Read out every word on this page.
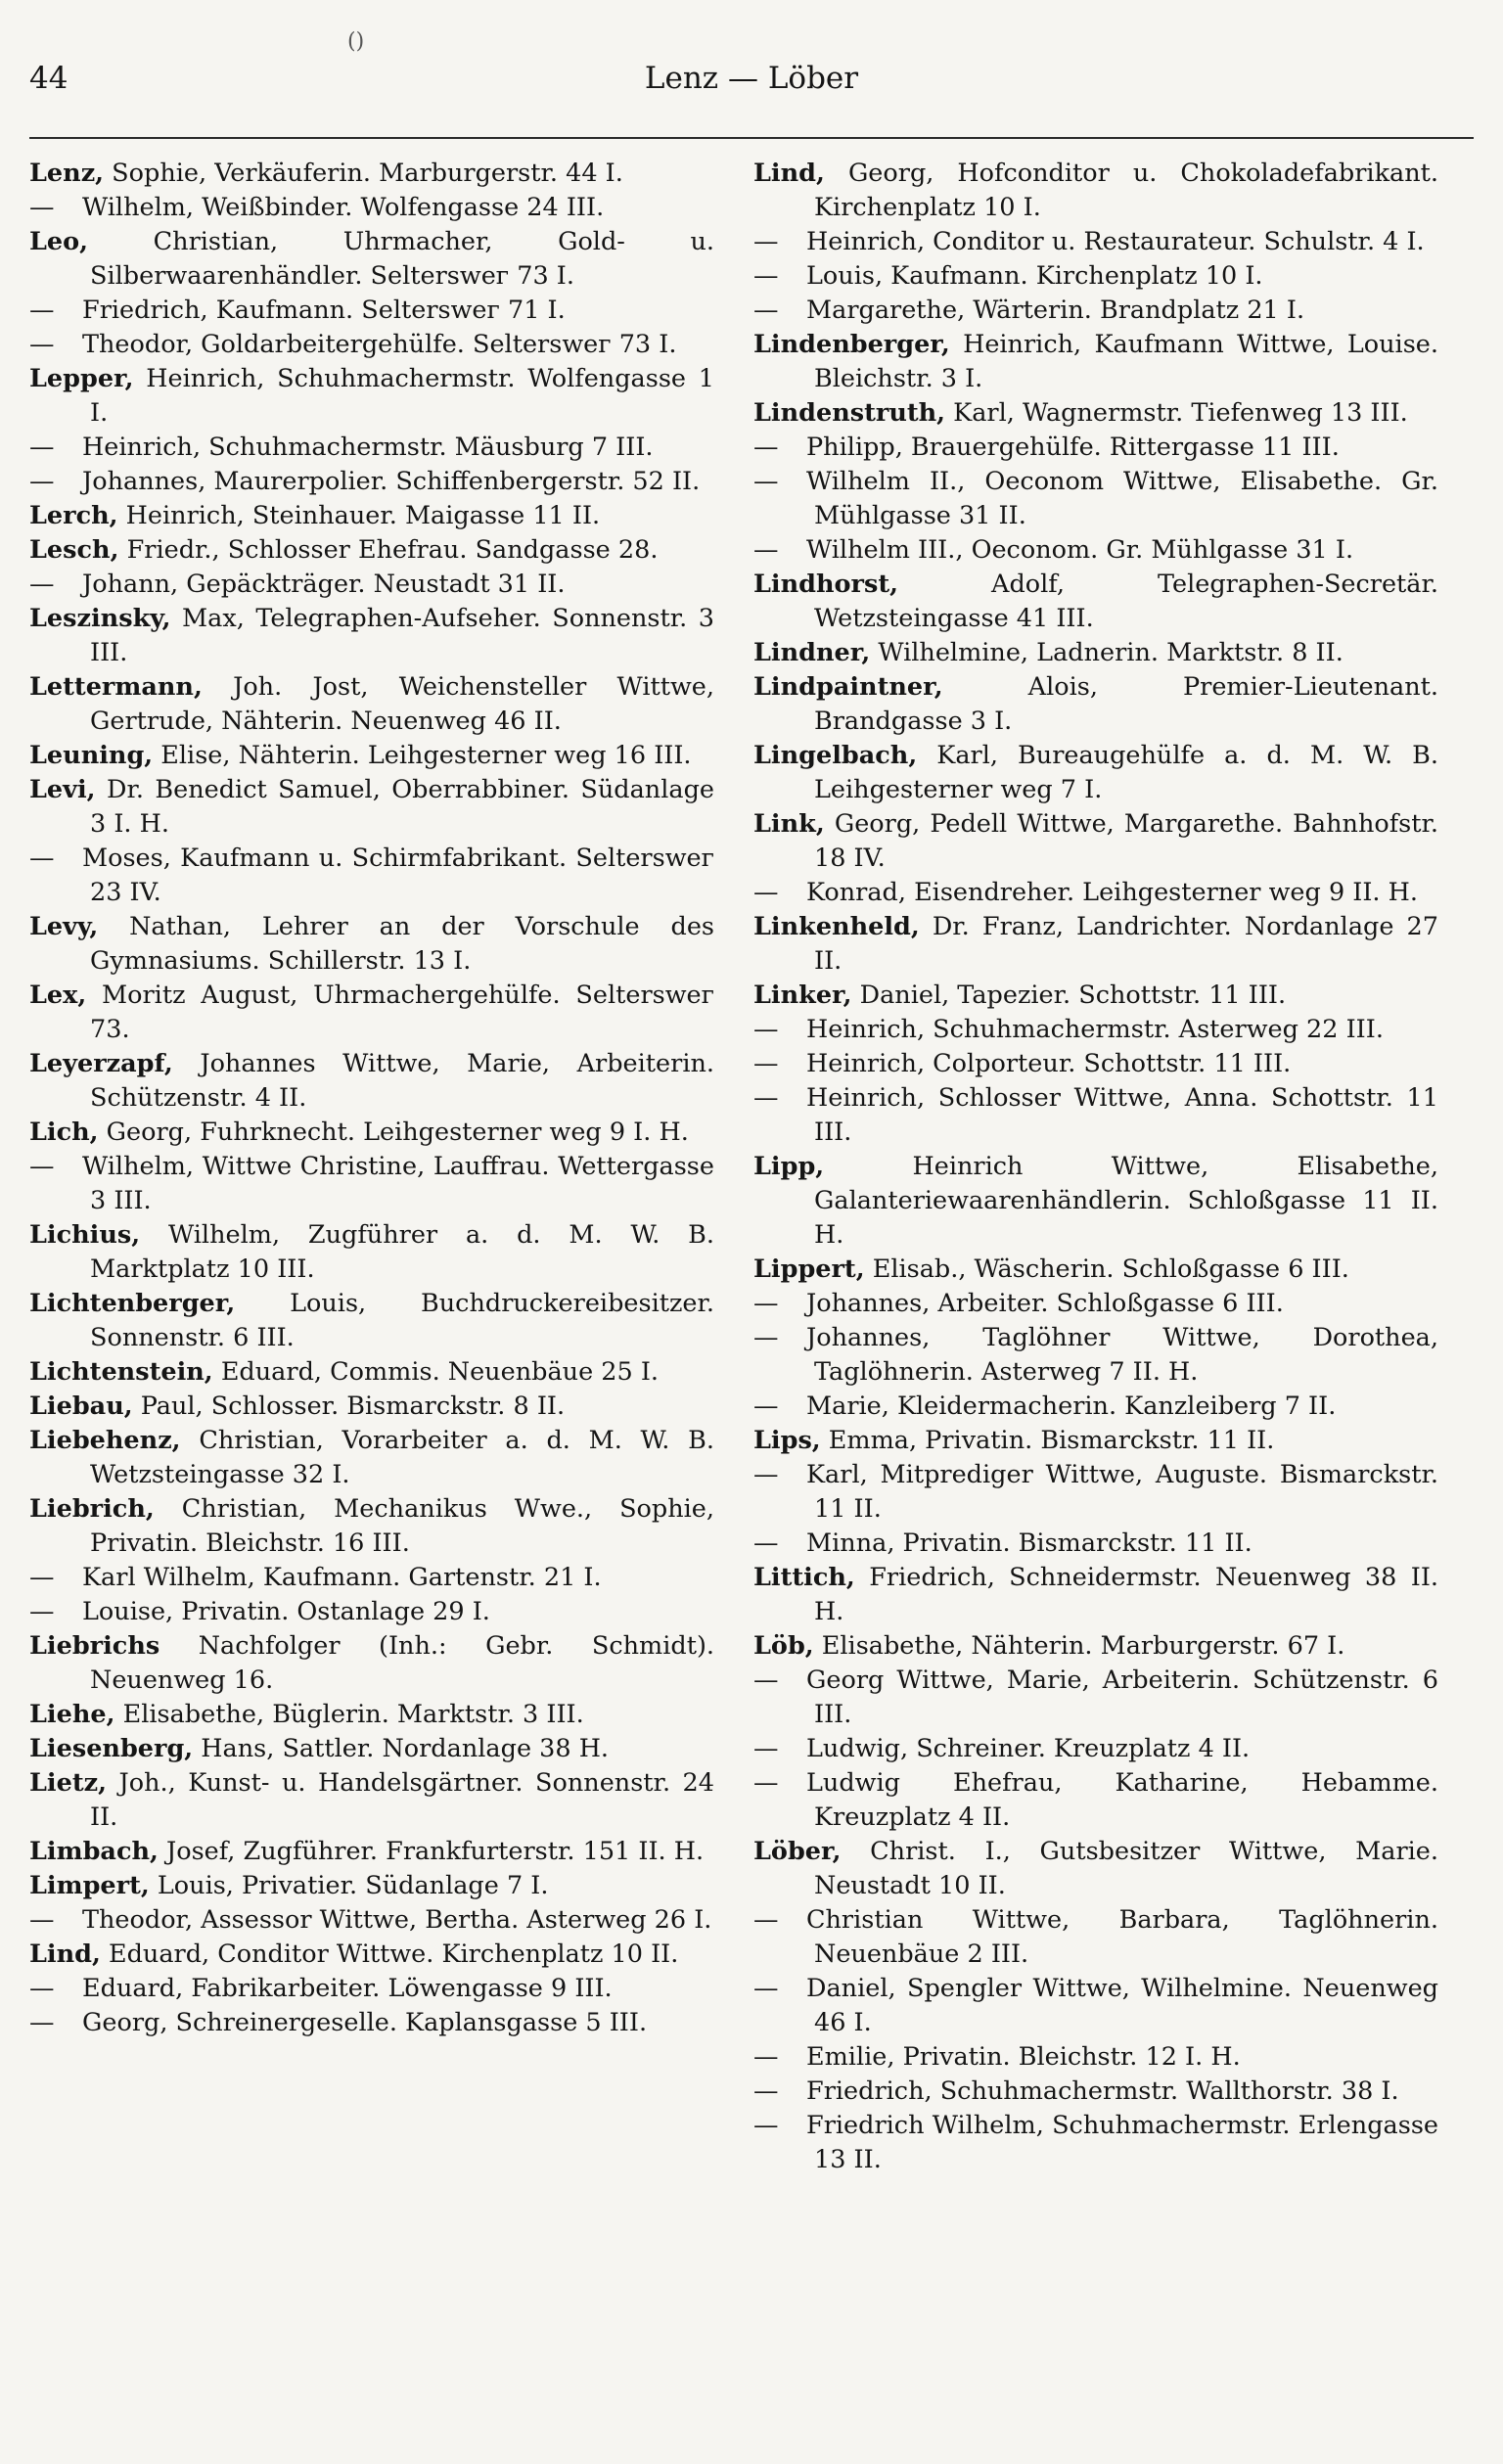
()
Lenz — Löber
44

Lenz, Sophie, Verkäuferin. Marburgerstr. 44 I.

— Wilhelm, Weißbinder. Wolfengasse 24 III.

Leo,	Christian, Uhrmacher, Gold- u. Silberwaarenhändler. Selterswег 73 I.

— Friedrich, Kaufmann. Selterswег 71 I.

— Theodor, Goldarbeitergehülfe. Selterswег 73 I.

Lepper, Heinrich, Schuhmachermstr. Wolfengasse 1 I.

— Heinrich, Schuhmachermstr. Mäusburg 7 III.

— Johannes, Maurerpolier. Schiffenbergerstr. 52 II.

Lerch, Heinrich, Steinhauer. Maigasse 11 II.

Lesch, Friedr., Schlosser Ehefrau. Sandgasse 28.

— Johann, Gepäckträger. Neustadt 31 II.

Leszinsky, Max, Telegraphen-Aufseher. Sonnenstr. 3 III.

Lettermann, Joh. Jost, Weichensteller Wittwe, Gertrude, Nähterin. Neuenweg 46 II.

Leuning, Elise, Nähterin. Leihgesterner weg 16 III.

Levi, Dr. Benedict Samuel, Oberrabbiner. Südanlage 3 I. H.

— Moses, Kaufmann u. Schirmfabrikant. Selterswег 23 IV.

Levy, Nathan, Lehrer an der Vorschule des Gymnasiums. Schillerstr. 13 I.

Lex, Moritz August, Uhrmachergehülfe. Selterswег 73.

Leyerzapf, Johannes Wittwe, Marie, Arbeiterin. Schützenstr. 4 II.

Lich, Georg, Fuhrknecht. Leihgesterner weg 9 I. H.

— Wilhelm, Wittwe Christine, Lauffrau. Wettergasse 3 III.

Lichius, Wilhelm, Zugführer a. d. M. W. B. Marktplatz 10 III.

Lichtenberger, Louis, Buchdruckereibesitzer. Sonnenstr. 6 III.

Lichtenstein, Eduard, Commis. Neuenbäue 25 I.

Liebau, Paul, Schlosser. Bismarckstr. 8 II.

Liebehenz, Christian, Vorarbeiter a. d. M. W. B. Wetzsteingasse 32 I.

Liebrich, Christian, Mechanikus Wwe., Sophie, Privatin. Bleichstr. 16 III.

— Karl Wilhelm, Kaufmann. Gartenstr. 21 I.

— Louise, Privatin. Ostanlage 29 I.

Liebrichs Nachfolger (Inh.: Gebr. Schmidt). Neuenweg 16.

Liehe, Elisabethe, Büglerin. Marktstr. 3 III.

Liesenberg, Hans, Sattler. Nordanlage 38 H.

Lietz, Joh., Kunst- u. Handelsgärtner. Sonnenstr. 24 II.

Limbach, Josef, Zugführer. Frankfurterstr. 151 II. H.

Limpert, Louis, Privatier. Südanlage 7 I.

— Theodor, Assessor Wittwe, Bertha. Asterweg 26 I.

Lind, Eduard, Conditor Wittwe. Kirchenplatz 10 II.

— Eduard, Fabrikarbeiter. Löwengasse 9 III.

— Georg, Schreinergeselle. Kaplansgasse 5 III.

Lind, Georg, Hofconditor u. Chokoladefabrikant. Kirchenplatz 10 I.

— Heinrich, Conditor u. Restaurateur. Schulstr. 4 I.

— Louis, Kaufmann. Kirchenplatz 10 I.

— Margarethe, Wärterin. Brandplatz 21 I.

Lindenberger, Heinrich, Kaufmann Wittwe, Louise. Bleichstr. 3 I.

Lindenstruth, Karl, Wagnermstr. Tiefenweg 13 III.

— Philipp, Brauergehülfe. Rittergasse 11 III.

— Wilhelm II., Oeconom Wittwe, Elisabethe. Gr. Mühlgasse 31 II.

— Wilhelm III., Oeconom. Gr. Mühlgasse 31 I.

Lindhorst,	Adolf, Telegraphen-Secretär. Wetzsteingasse 41 III.

Lindner, Wilhelmine, Ladnerin. Marktstr. 8 II.

Lindpaintner,	Alois, Premier-Lieutenant. Brandgasse 3 I.

Lingelbach, Karl, Bureaugehülfe a. d. M. W. B. Leihgesterner weg 7 I.

Link, Georg, Pedell Wittwe, Margarethe. Bahnhofstr. 18 IV.

— Konrad, Eisendreher. Leihgesterner weg 9 II. H.

Linkenheld, Dr. Franz, Landrichter. Nordanlage 27 II.

Linker, Daniel, Tapezier. Schottstr. 11 III.

— Heinrich, Schuhmachermstr. Asterweg 22 III.

— Heinrich, Colporteur. Schottstr. 11 III.

— Heinrich, Schlosser Wittwe, Anna. Schottstr. 11 III.

Lipp,	Heinrich Wittwe, Elisabethe, Galanteriewaarenhändlerin. Schloßgasse 11 II. H.

Lippert, Elisab., Wäscherin. Schloßgasse 6 III.

— Johannes, Arbeiter. Schloßgasse 6 III.

— Johannes, Taglöhner Wittwe, Dorothea, Taglöhnerin. Asterweg 7 II. H.

— Marie, Kleidermacherin. Kanzleiberg 7 II.

Lips, Emma, Privatin. Bismarckstr. 11 II.

— Karl, Mitprediger Wittwe, Auguste. Bismarckstr. 11 II.

— Minna, Privatin. Bismarckstr. 11 II.

Littich, Friedrich, Schneidermstr. Neuenweg 38 II. H.

Löb, Elisabethe, Nähterin. Marburgerstr. 67 I.

— Georg Wittwe, Marie, Arbeiterin. Schützenstr. 6 III.

— Ludwig, Schreiner. Kreuzplatz 4 II.

— Ludwig Ehefrau, Katharine, Hebamme. Kreuzplatz 4 II.

Löber, Christ. I., Gutsbesitzer Wittwe, Marie. Neustadt 10 II.

— Christian Wittwe, Barbara, Taglöhnerin. Neuenbäue 2 III.

— Daniel, Spengler Wittwe, Wilhelmine. Neuenweg 46 I.

— Emilie, Privatin. Bleichstr. 12 I. H.

— Friedrich, Schuhmachermstr. Wallthorstr. 38 I.

— Friedrich Wilhelm, Schuhmachermstr. Erlengasse 13 II.
